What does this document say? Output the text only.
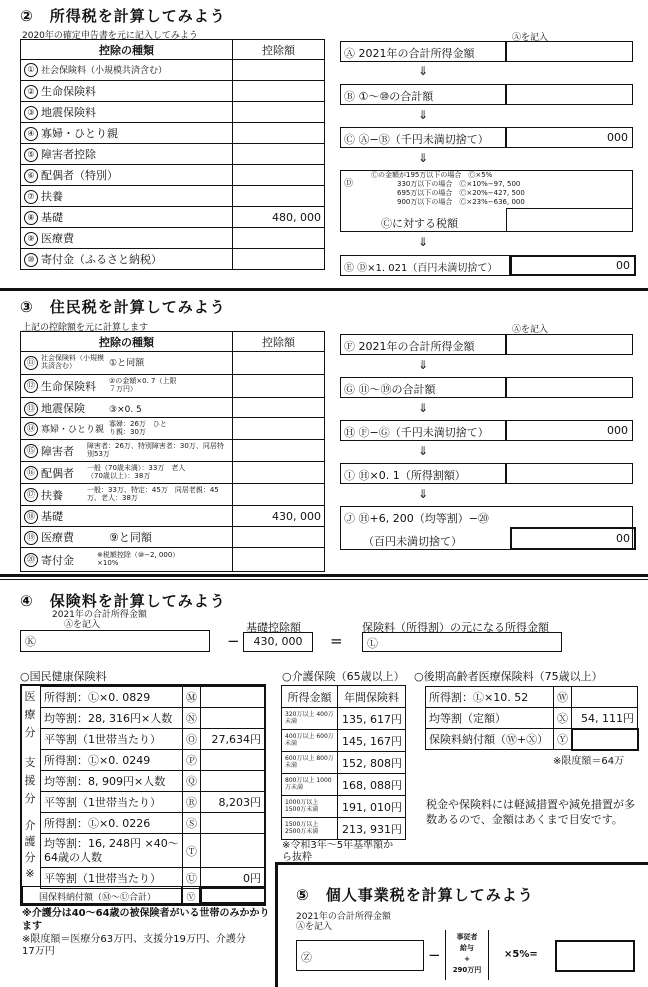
②　所得税を計算してみよう
2020年の確定申告書を元に記入してみよう	Ⓐを記入
控除の種類	控除額
① 社会保険料（小規模共済含む）	
② 生命保険料	
③ 地震保険料	
④ 寡婦・ひとり親	
⑤ 障害者控除	
⑥ 配偶者（特別）	
⑦ 扶養	
⑧ 基礎	480, 000
⑨ 医療費	
⑩ 寄付金（ふるさと納税）	
Ⓐ 2021年の合計所得金額
⇓
Ⓑ ①〜⑩の合計額
⇓
Ⓒ Ⓐ−Ⓑ（千円未満切捨て）	000
⇓
Ⓓ
Ⓒの金額が195万以下の場合　Ⓒ×5%
330万以下の場合　Ⓒ×10%−97, 500
695万以下の場合　Ⓒ×20%−427, 500
900万以下の場合　Ⓒ×23%−636, 000
Ⓒに対する税額
⇓
Ⓔ Ⓓ×1. 021（百円未満切捨て）	00
③　住民税を計算してみよう
上記の控除額を元に計算します	Ⓐを記入
控除の種類	控除額
⑪ 社会保険料（小規模共済含む） ①と同額	
⑫ 生命保険料 ②の金額×0. 7（上限７万円）	
⑬ 地震保険 ③×0. 5	
⑭ 寡婦・ひとり親寡婦：26万　ひとり親：30万	
⑮ 障害者 障害者：26万、特別障害者：30万、同居特別53万	
⑯ 配偶者 一般（70歳未満）：33万　老人（70歳以上）：38万	
⑰ 扶養 一般：33万、特定：45万　同居老親：45万、老人：38万	
⑱ 基礎	430, 000
⑲ 医療費 ⑨と同額	
⑳ 寄付金 ※税額控除（⑩−2, 000）×10%	
Ⓕ 2021年の合計所得金額
⇓
Ⓖ ⑪〜⑲の合計額
⇓
Ⓗ Ⓕ−Ⓖ（千円未満切捨て）	000
⇓
Ⓘ Ⓗ×0. 1（所得割額）
⇓
Ⓙ Ⓗ+6, 200（均等割）−⑳
（百円未満切捨て）	00
④　保険料を計算してみよう
2021年の合計所得金額
Ⓐを記入
Ⓚ	−
基礎控除額
430, 000	=
保険料（所得割）の元になる所得金額
Ⓛ
○国民健康保険料
医療分
支援分
介護分※
所得割：Ⓛ×0. 0829	Ⓜ	
均等割：28, 316円×人数	Ⓝ	
平等割（1世帯当たり）	Ⓞ	27,634円
所得割：Ⓛ×0. 0249	Ⓟ	
均等割：8, 909円×人数	Ⓠ	
平等割（1世帯当たり）	Ⓡ	8,203円
所得割：Ⓛ×0. 0226	Ⓢ	
均等割：16, 248円 ×40〜64歳の人数	Ⓣ	
平等割（1世帯当たり）	Ⓤ	0円
国保料納付額（Ⓜ〜Ⓤ合計）	Ⓥ
※介護分は40〜64歳の被保険者がいる世帯のみかかります
※限度額＝医療分63万円、支援分19万円、介護分17万円
○介護保険（65歳以上）
所得金額	年間保険料
320万以上 400万未満	135, 617円
400万以上 600万未満	145, 167円
600万以上 800万未満	152, 808円
800万以上 1000万未満	168, 088円
1000万以上 1500万未満	191, 010円
1500万以上 2500万未満	213, 931円
※令和3年〜5年基準額から抜粋
○後期高齢者医療保険料（75歳以上）
所得割：Ⓛ×10. 52	Ⓦ	
均等割（定額）	Ⓧ	54, 111円
保険料納付額（Ⓦ+Ⓧ）	Ⓨ	
※限度額＝64万
税金や保険料には軽減措置や減免措置が多数あるので、金額はあくまで目安です。
⑤　個人事業税を計算してみよう
2021年の合計所得金額
Ⓐを記入
Ⓩ	−
事従者
給与
+
290万円
×5%=
